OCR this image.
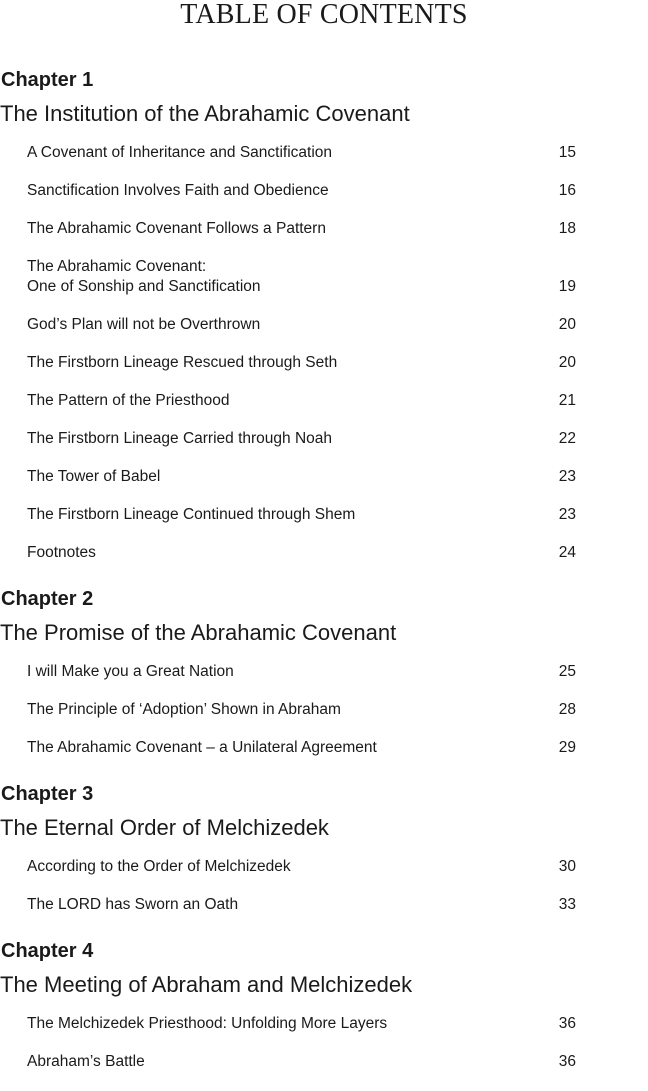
TABLE OF CONTENTS
Chapter 1
The Institution of the Abrahamic Covenant
A Covenant of Inheritance and Sanctification	15
Sanctification Involves Faith and Obedience	16
The Abrahamic Covenant Follows a Pattern	18
The Abrahamic Covenant:
One of Sonship and Sanctification	19
God’s Plan will not be Overthrown	20
The Firstborn Lineage Rescued through Seth	20
The Pattern of the Priesthood	21
The Firstborn Lineage Carried through Noah	22
The Tower of Babel	23
The Firstborn Lineage Continued through Shem	23
Footnotes	24
Chapter 2
The Promise of the Abrahamic Covenant
I will Make you a Great Nation	25
The Principle of ‘Adoption’ Shown in Abraham	28
The Abrahamic Covenant – a Unilateral Agreement	29
Chapter 3
The Eternal Order of Melchizedek
According to the Order of Melchizedek	30
The LORD has Sworn an Oath	33
Chapter 4
The Meeting of Abraham and Melchizedek
The Melchizedek Priesthood: Unfolding More Layers	36
Abraham’s Battle	36
